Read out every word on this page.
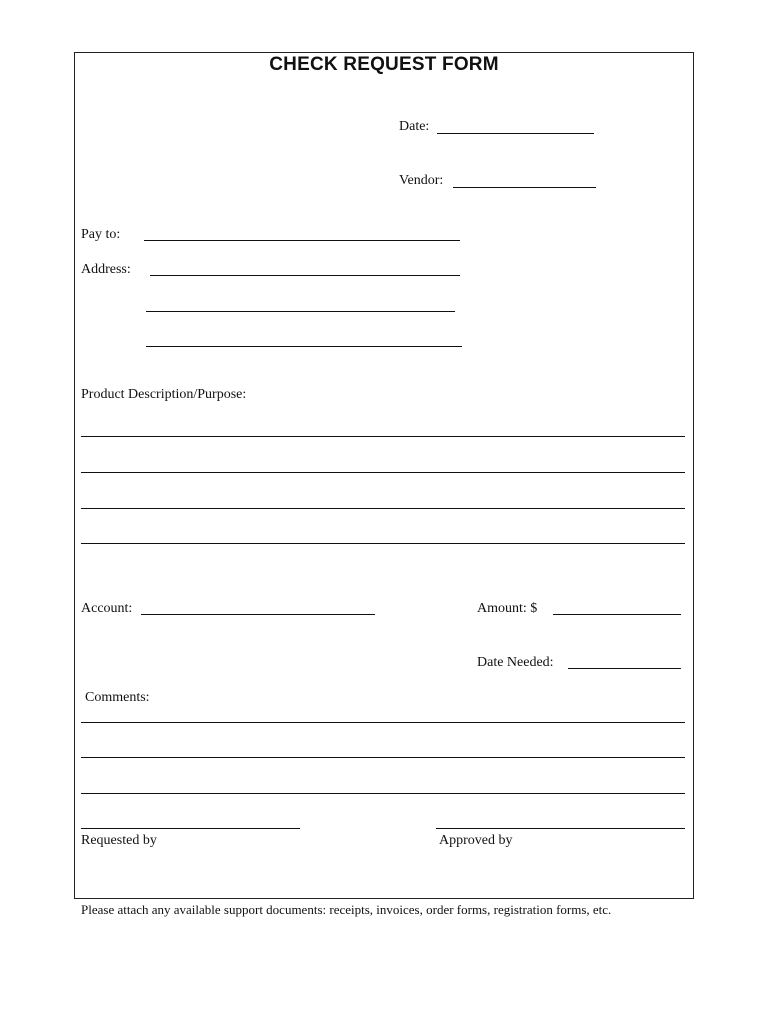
CHECK REQUEST FORM
Date:
Vendor:
Pay to:
Address:
Product Description/Purpose:
Account:	Amount: $
Date Needed:
Comments:
Requested by	Approved by
Please attach any available support documents: receipts, invoices, order forms, registration forms, etc.
